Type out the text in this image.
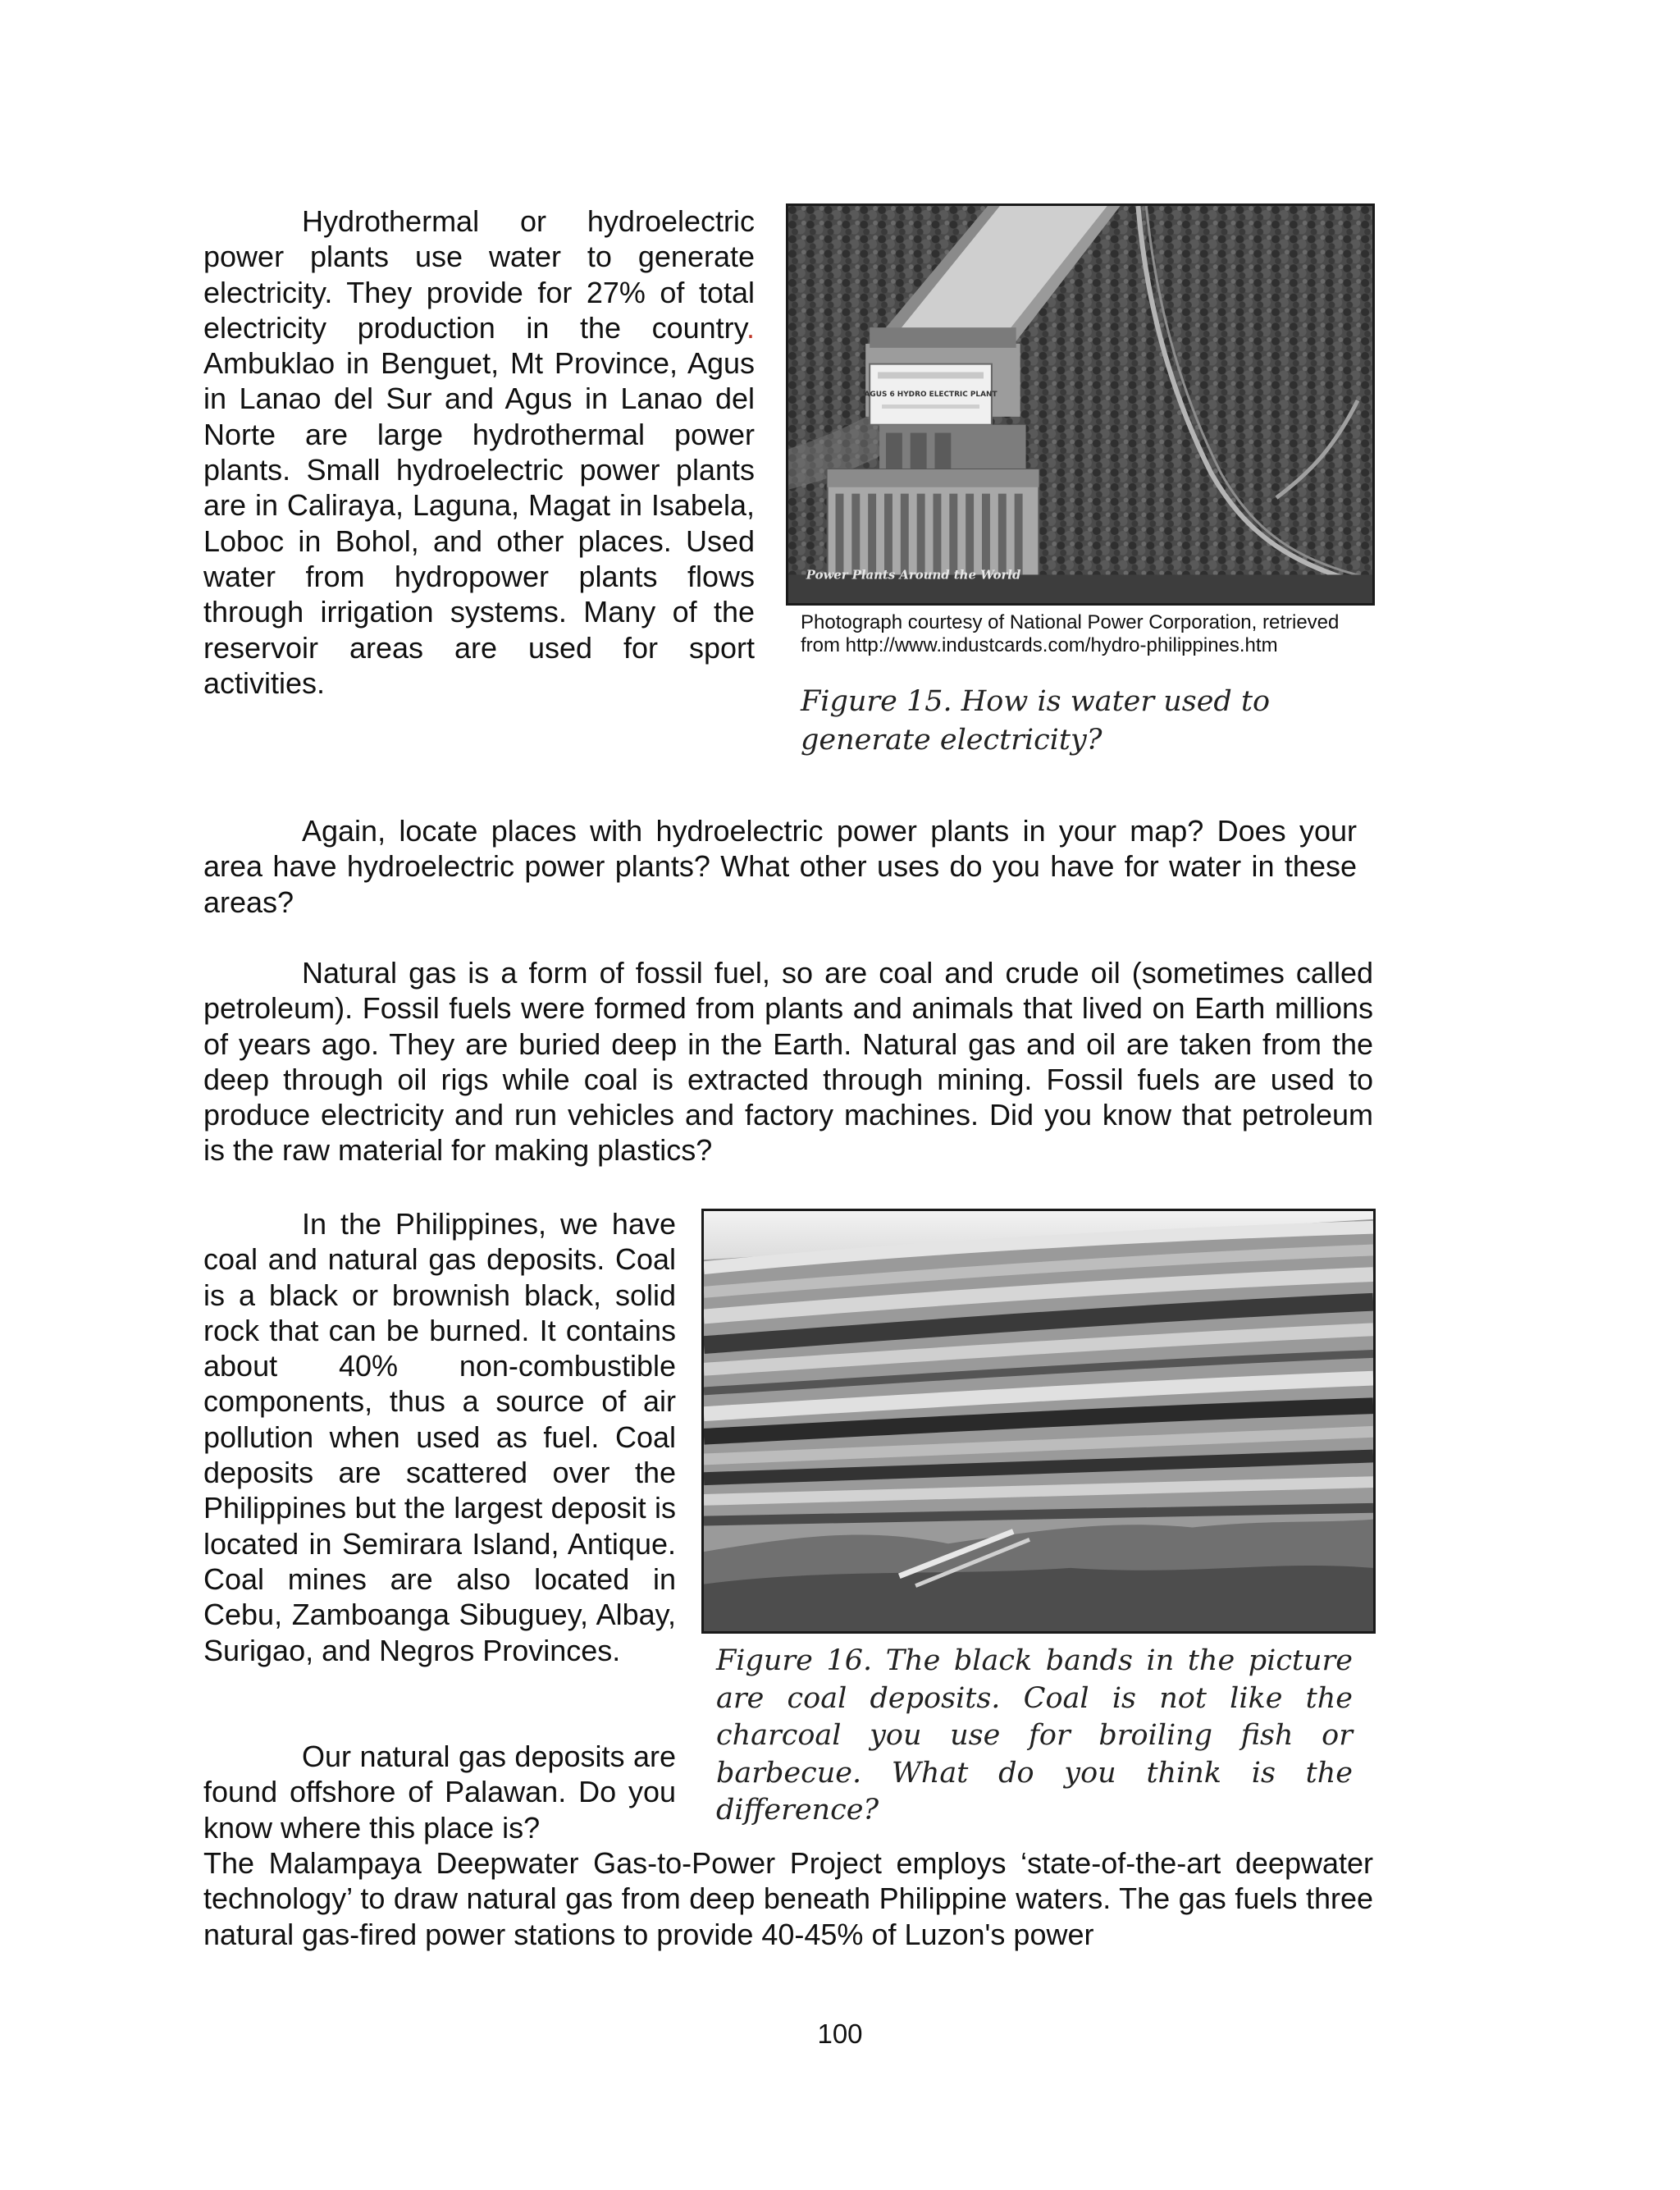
Hydrothermal or hydroelectric power plants use water to generate electricity. They provide for 27% of total electricity production in the country. Ambuklao in Benguet, Mt Province, Agus in Lanao del Sur and Agus in Lanao del Norte are large hydrothermal power plants. Small hydroelectric power plants are in Caliraya, Laguna, Magat in Isabela, Loboc in Bohol, and other places. Used water from hydropower plants flows through irrigation systems. Many of the reservoir areas are used for sport activities.

AGUS 6 HYDRO ELECTRIC PLANT
Power Plants Around the World

Photograph courtesy of National Power Corporation, retrieved from http://www.industcards.com/hydro-philippines.htm

Figure 15. How is water used to
generate electricity?

Again, locate places with hydroelectric power plants in your map? Does your area have hydroelectric power plants? What other uses do you have for water in these areas?

Natural gas is a form of fossil fuel, so are coal and crude oil (sometimes called petroleum). Fossil fuels were formed from plants and animals that lived on Earth millions of years ago. They are buried deep in the Earth. Natural gas and oil are taken from the deep through oil rigs while coal is extracted through mining. Fossil fuels are used to produce electricity and run vehicles and factory machines. Did you know that petroleum is the raw material for making plastics?

In the Philippines, we have coal and natural gas deposits. Coal is a black or brownish black, solid rock that can be burned. It contains about 40% non-combustible components, thus a source of air pollution when used as fuel. Coal deposits are scattered over the Philippines but the largest deposit is located in Semirara Island, Antique. Coal mines are also located in Cebu, Zamboanga Sibuguey, Albay, Surigao, and Negros Provinces.	Figure 16. The black bands in the picture are coal deposits. Coal is not like the charcoal you use for broiling fish or barbecue. What do you think is the difference?

Our natural gas deposits are found offshore of Palawan. Do you know where this place is?

The Malampaya Deepwater Gas-to-Power Project employs ‘state-of-the-art deepwater technology’ to draw natural gas from deep beneath Philippine waters. The gas fuels three natural gas-fired power stations to provide 40-45% of Luzon's power

100
